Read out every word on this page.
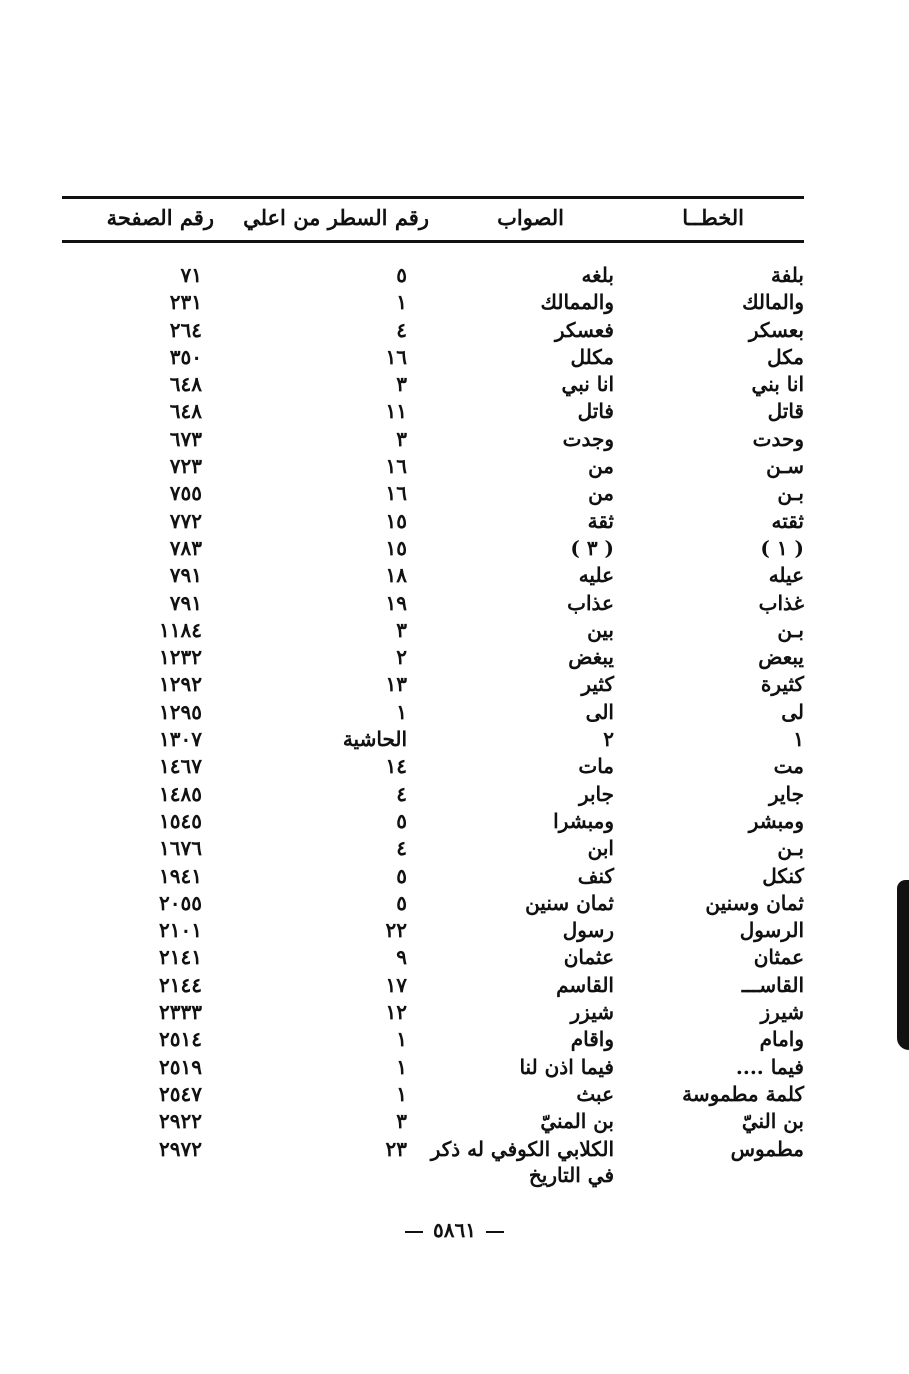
الخطــا
الصواب
رقم السطر من اعلي
رقم الصفحة
بلفة
بلغه
٥
٧١
والمالك
والممالك
١
٢٣١
بعسكر
فعسكر
٤
٢٦٤
مكل
مكلل
١٦
٣٥٠
انا بني
انا نبي
٣
٦٤٨
قاتل
فاتل
١١
٦٤٨
وحدت
وجدت
٣
٦٧٣
سـن
من
١٦
٧٢٣
بـن
من
١٦
٧٥٥
ثقته
ثقة
١٥
٧٧٢
( ١ )
( ٣ )
١٥
٧٨٣
عيله
عليه
١٨
٧٩١
غذاب
عذاب
١٩
٧٩١
بـن
بين
٣
١١٨٤
يبعض
يبغض
٢
١٢٣٢
كثيرة
كثير
١٣
١٢٩٢
لى
الى
١
١٢٩٥
١
٢
الحاشية
١٣٠٧
مت
مات
١٤
١٤٦٧
جاير
جابر
٤
١٤٨٥
ومبشر
ومبشرا
٥
١٥٤٥
بـن
ابن
٤
١٦٧٦
كنكل
كنف
٥
١٩٤١
ثمان وسنين
ثمان سنين
٥
٢٠٥٥
الرسول
رسول
٢٢
٢١٠١
عمثان
عثمان
٩
٢١٤١
القاســـ
القاسم
١٧
٢١٤٤
شيرز
شيزر
١٢
٢٣٣٣
وامام
واقام
١
٢٥١٤
فيما ....
فيما اذن لنا
١
٢٥١٩
كلمة مطموسة
عبث
١
٢٥٤٧
بن النيّ
بن المنيّ
٣
٢٩٢٢
مطموس
الكلابي الكوفي له ذكر في التاريخ
٢٣
٢٩٧٢
٥٨٦١
